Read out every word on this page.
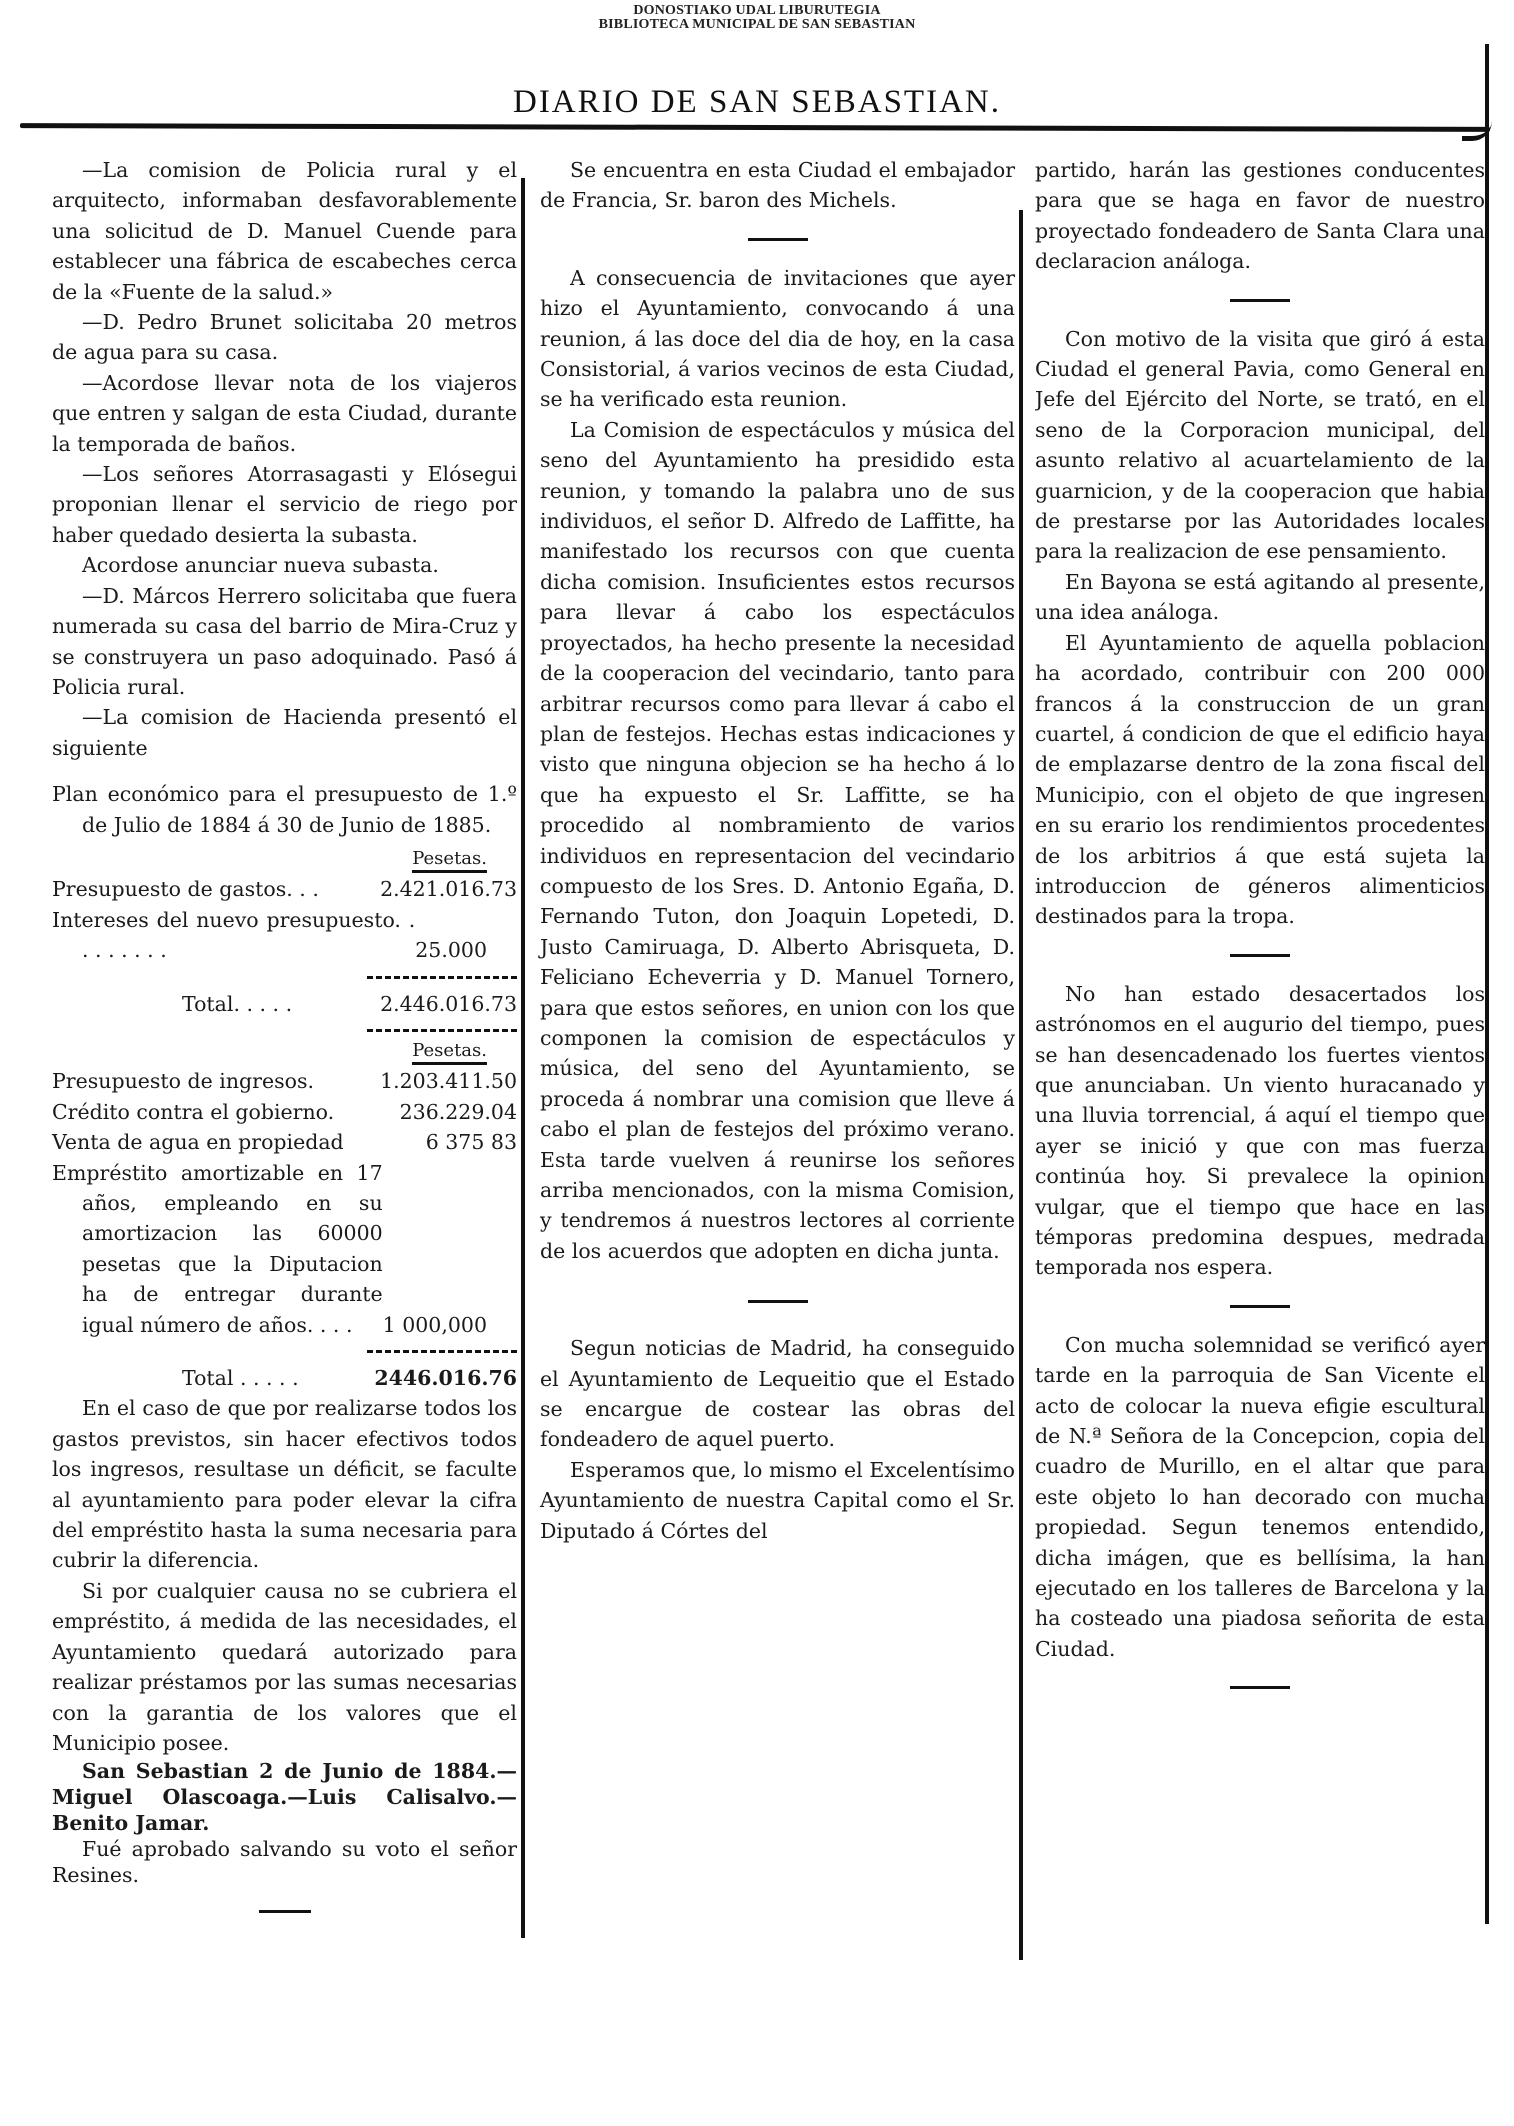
DONOSTIAKO UDAL LIBURUTEGIA
BIBLIOTECA MUNICIPAL DE SAN SEBASTIAN
DIARIO DE SAN SEBASTIAN.

—La comision de Policia rural y el arquitecto, informaban desfavorablemente una solicitud de D. Manuel Cuende para establecer una fábrica de escabeches cerca de la «Fuente de la salud.»

—D. Pedro Brunet solicitaba 20 metros de agua para su casa.

—Acordose llevar nota de los viajeros que entren y salgan de esta Ciudad, durante la temporada de baños.

—Los señores Atorrasagasti y Elósegui proponian llenar el servicio de riego por haber quedado desierta la subasta.

Acordose anunciar nueva subasta.

—D. Márcos Herrero solicitaba que fuera numerada su casa del barrio de Mira-Cruz y se construyera un paso adoquinado. Pasó á Policia rural.

—La comision de Hacienda presentó el siguiente

Plan económico para el presupuesto de 1.º de Julio de 1884 á 30 de Junio de 1885.

Pesetas.
Presupuesto de gastos. . .	2.421.016.73
Intereses del nuevo presupuesto. . . . . . . . .	25.000
Total. . . . .	2.446.016.73
Pesetas.
Presupuesto de ingresos.	1.203.411.50
Crédito contra el gobierno.	236.229.04
Venta de agua en propiedad	6 375 83
Empréstito amortizable en 17 años, empleando en su amortizacion las 60000 pesetas que la Diputacion ha de entregar durante igual número de años. . . .	1 000,000
Total . . . . .	2446.016.76

En el caso de que por realizarse todos los gastos previstos, sin hacer efectivos todos los ingresos, resultase un déficit, se faculte al ayuntamiento para poder elevar la cifra del empréstito hasta la suma necesaria para cubrir la diferencia.

Si por cualquier causa no se cubriera el empréstito, á medida de las necesidades, el Ayuntamiento quedará autorizado para realizar préstamos por las sumas necesarias con la garantia de los valores que el Municipio posee.

San Sebastian 2 de Junio de 1884.—Miguel Olascoaga.—Luis Calisalvo.—Benito Jamar.

Fué aprobado salvando su voto el señor Resines.

Se encuentra en esta Ciudad el embajador de Francia, Sr. baron des Michels.

A consecuencia de invitaciones que ayer hizo el Ayuntamiento, convocando á una reunion, á las doce del dia de hoy, en la casa Consistorial, á varios vecinos de esta Ciudad, se ha verificado esta reunion.

La Comision de espectáculos y música del seno del Ayuntamiento ha presidido esta reunion, y tomando la palabra uno de sus individuos, el señor D. Alfredo de Laffitte, ha manifestado los recursos con que cuenta dicha comision. Insuficientes estos recursos para llevar á cabo los espectáculos proyectados, ha hecho presente la necesidad de la cooperacion del vecindario, tanto para arbitrar recursos como para llevar á cabo el plan de festejos. Hechas estas indicaciones y visto que ninguna objecion se ha hecho á lo que ha expuesto el Sr. Laffitte, se ha procedido al nombramiento de varios individuos en representacion del vecindario compuesto de los Sres. D. Antonio Egaña, D. Fernando Tuton, don Joaquin Lopetedi, D. Justo Camiruaga, D. Alberto Abrisqueta, D. Feliciano Echeverria y D. Manuel Tornero, para que estos señores, en union con los que componen la comision de espectáculos y música, del seno del Ayuntamiento, se proceda á nombrar una comision que lleve á cabo el plan de festejos del próximo verano. Esta tarde vuelven á reunirse los señores arriba mencionados, con la misma Comision, y tendremos á nuestros lectores al corriente de los acuerdos que adopten en dicha junta.

Segun noticias de Madrid, ha conseguido el Ayuntamiento de Lequeitio que el Estado se encargue de costear las obras del fondeadero de aquel puerto.

Esperamos que, lo mismo el Excelentísimo Ayuntamiento de nuestra Capital como el Sr. Diputado á Córtes del

partido, harán las gestiones conducentes para que se haga en favor de nuestro proyectado fondeadero de Santa Clara una declaracion análoga.

Con motivo de la visita que giró á esta Ciudad el general Pavia, como General en Jefe del Ejército del Norte, se trató, en el seno de la Corporacion municipal, del asunto relativo al acuartelamiento de la guarnicion, y de la cooperacion que habia de prestarse por las Autoridades locales para la realizacion de ese pensamiento.

En Bayona se está agitando al presente, una idea análoga.

El Ayuntamiento de aquella poblacion ha acordado, contribuir con 200 000 francos á la construccion de un gran cuartel, á condicion de que el edificio haya de emplazarse dentro de la zona fiscal del Municipio, con el objeto de que ingresen en su erario los rendimientos procedentes de los arbitrios á que está sujeta la introduccion de géneros alimenticios destinados para la tropa.

No han estado desacertados los astrónomos en el augurio del tiempo, pues se han desencadenado los fuertes vientos que anunciaban. Un viento huracanado y una lluvia torrencial, á aquí el tiempo que ayer se inició y que con mas fuerza continúa hoy. Si prevalece la opinion vulgar, que el tiempo que hace en las témporas predomina despues, medrada temporada nos espera.

Con mucha solemnidad se verificó ayer tarde en la parroquia de San Vicente el acto de colocar la nueva efigie escultural de N.ª Señora de la Concepcion, copia del cuadro de Murillo, en el altar que para este objeto lo han decorado con mucha propiedad. Segun tenemos entendido, dicha imágen, que es bellísima, la han ejecutado en los talleres de Barcelona y la ha costeado una piadosa señorita de esta Ciudad.
